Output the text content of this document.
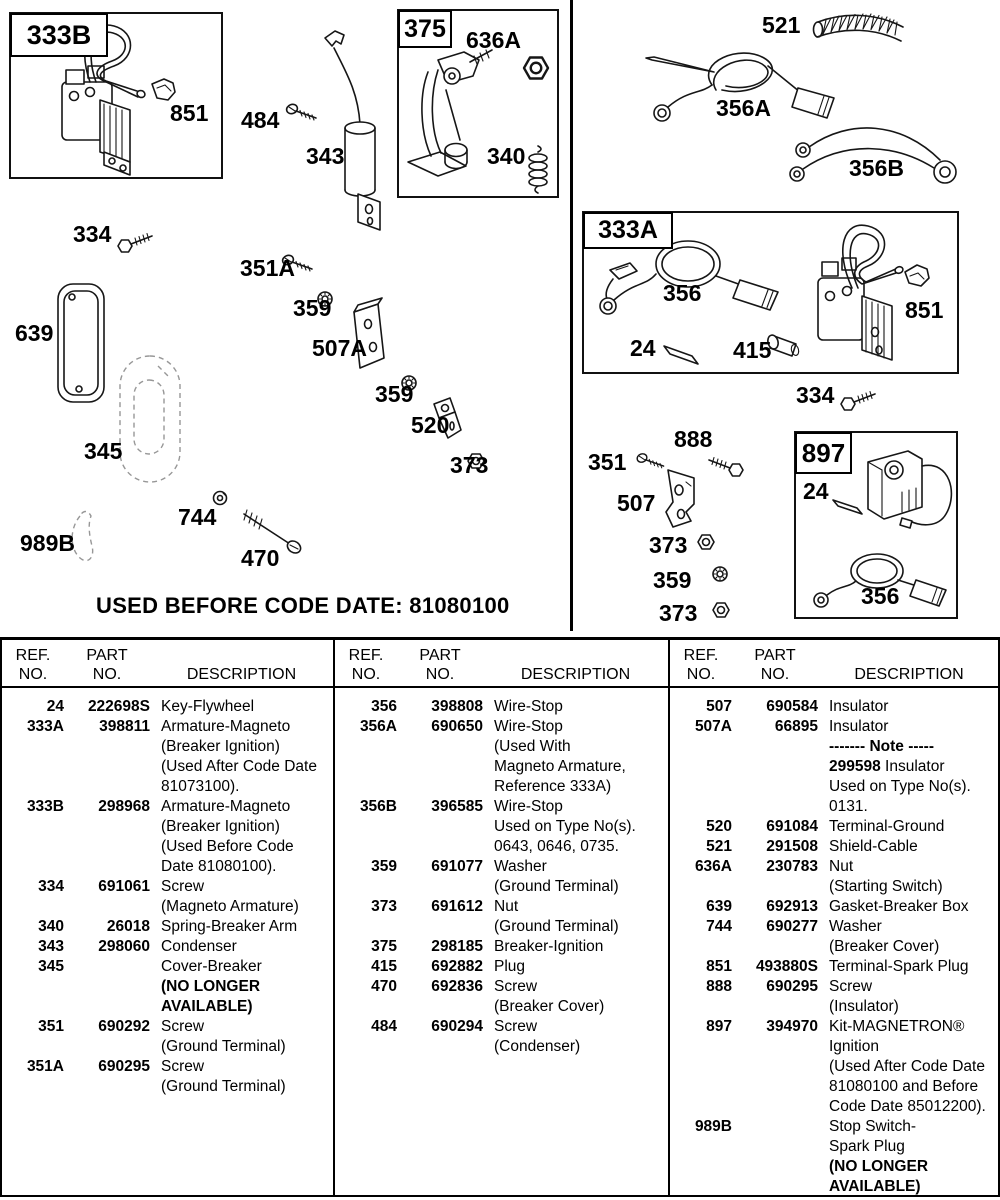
333B	375
333A
897
851 484
343
636A
340
334
351A
359
507A
359
520
373
639
345
989B
744
470
521
356A
356B
356
851
24	415
334
888
351
507
373
359
373
24
356
USED BEFORE CODE DATE: 81080100
REF.
NO.
PART
NO.
	DESCRIPTION
24	222698S Key-Flywheel
333A	398811 Armature-Magneto
(Breaker Ignition)
(Used After Code Date
81073100).
333B	298968 Armature-Magneto
(Breaker Ignition)
(Used Before Code
Date 81080100).
334	691061 Screw
(Magneto Armature)
340	26018 Spring-Breaker Arm
343	298060 Condenser
345	Cover-Breaker
(NO LONGER
AVAILABLE)
351	690292 Screw
(Ground Terminal)
351A	690295 Screw
(Ground Terminal)
REF.
NO.
PART
NO.
	DESCRIPTION
356	398808 Wire-Stop
356A	690650 Wire-Stop
(Used With
Magneto Armature,
Reference 333A)
356B	396585 Wire-Stop
Used on Type No(s).
0643, 0646, 0735.
359	691077 Washer
(Ground Terminal)
373	691612 Nut
(Ground Terminal)
375	298185 Breaker-Ignition
415	692882 Plug
470	692836 Screw
(Breaker Cover)
484	690294 Screw
(Condenser)
REF.
NO.
PART
NO.
	DESCRIPTION
507	690584 Insulator
507A	66895 Insulator
------- Note -----
299598 Insulator
Used on Type No(s).
0131.
520	691084 Terminal-Ground
521	291508 Shield-Cable
636A	230783 Nut
(Starting Switch)
639	692913 Gasket-Breaker Box
744	690277 Washer
(Breaker Cover)
851	493880S Terminal-Spark Plug
888	690295 Screw
(Insulator)
897	394970 Kit-MAGNETRON®
Ignition
(Used After Code Date
81080100 and Before
Code Date 85012200).
989B	Stop Switch-
Spark Plug
(NO LONGER
AVAILABLE)
